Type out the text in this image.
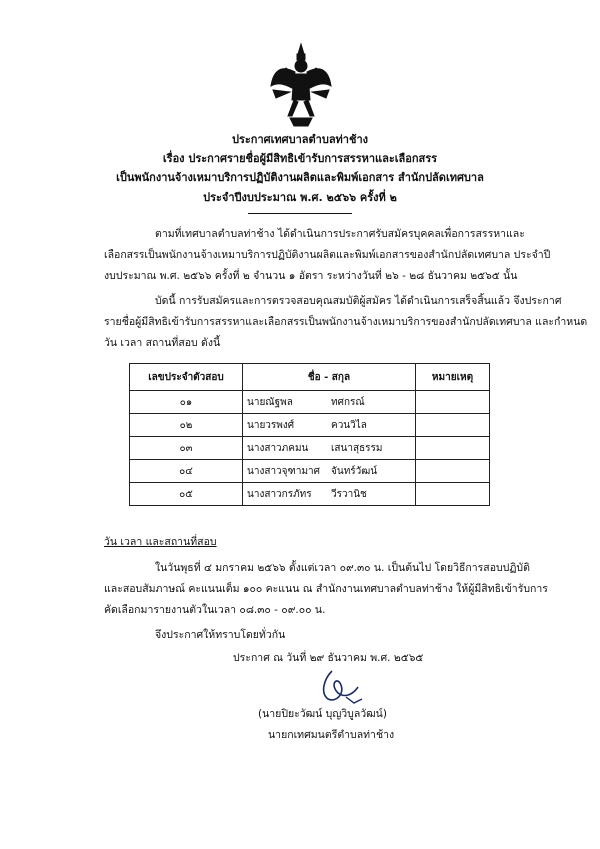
ประกาศเทศบาลตำบลท่าช้าง
เรื่อง ประกาศรายชื่อผู้มีสิทธิเข้ารับการสรรหาและเลือกสรร
เป็นพนักงานจ้างเหมาบริการปฏิบัติงานผลิตและพิมพ์เอกสาร สำนักปลัดเทศบาล
ประจำปีงบประมาณ พ.ศ. ๒๕๖๖ ครั้งที่ ๒
ตามที่เทศบาลตำบลท่าช้าง ได้ดำเนินการประกาศรับสมัครบุคคลเพื่อการสรรหาและ
เลือกสรรเป็นพนักงานจ้างเหมาบริการปฏิบัติงานผลิตและพิมพ์เอกสารของสำนักปลัดเทศบาล ประจำปี
งบประมาณ พ.ศ. ๒๕๖๖ ครั้งที่ ๒ จำนวน ๑ อัตรา ระหว่างวันที่ ๒๖ - ๒๘ ธันวาคม ๒๕๖๕ นั้น
บัดนี้ การรับสมัครและการตรวจสอบคุณสมบัติผู้สมัคร ได้ดำเนินการเสร็จสิ้นแล้ว จึงประกาศ
รายชื่อผู้มีสิทธิเข้ารับการสรรหาและเลือกสรรเป็นพนักงานจ้างเหมาบริการของสำนักปลัดเทศบาล และกำหนด
วัน เวลา สถานที่สอบ ดังนี้
เลขประจำตัวสอบ	ชื่อ - สกุล	หมายเหตุ
๐๑	นายณัฐพล ทศกรณ์	
๐๒	นายวรพงศ์ ควนวิไล	
๐๓	นางสาวภคมน เสนาสุธรรม	
๐๔	นางสาวจุฑามาศ จันทร์วัฒน์	
๐๕	นางสาวกรภัทร วีรวานิช	
วัน เวลา และสถานที่สอบ
ในวันพุธที่ ๔ มกราคม ๒๕๖๖ ตั้งแต่เวลา ๐๙.๓๐ น. เป็นต้นไป โดยวิธีการสอบปฏิบัติ
และสอบสัมภาษณ์ คะแนนเต็ม ๑๐๐ คะแนน ณ สำนักงานเทศบาลตำบลท่าช้าง ให้ผู้มีสิทธิเข้ารับการ
คัดเลือกมารายงานตัวในเวลา ๐๘.๓๐ - ๐๙.๐๐ น.
จึงประกาศให้ทราบโดยทั่วกัน
ประกาศ ณ วันที่ ๒๙ ธันวาคม พ.ศ. ๒๕๖๕
(นายปิยะวัฒน์ บุญวิบูลวัฒน์)
นายกเทศมนตรีตำบลท่าช้าง
